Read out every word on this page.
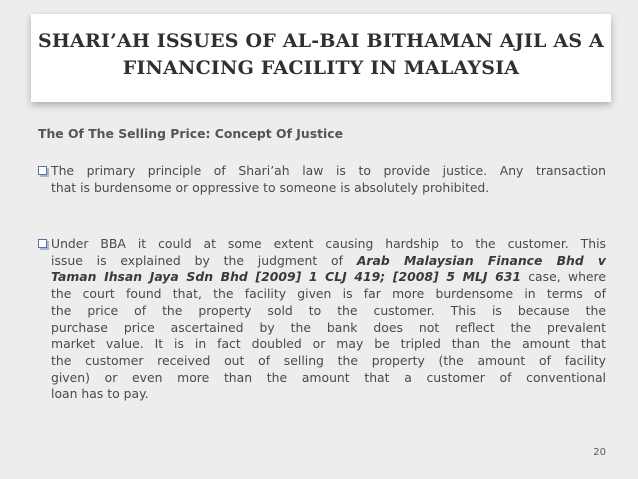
SHARI’AH ISSUES OF AL-BAI BITHAMAN AJIL AS A
FINANCING FACILITY IN MALAYSIA
The Of The Selling Price: Concept Of Justice
The primary principle of Shari’ah law is to provide justice. Any transaction
that is burdensome or oppressive to someone is absolutely prohibited.
Under BBA it could at some extent causing hardship to the customer. This
issue is explained by the judgment of Arab Malaysian Finance Bhd v
Taman Ihsan Jaya Sdn Bhd [2009] 1 CLJ 419; [2008] 5 MLJ 631 case, where
the court found that, the facility given is far more burdensome in terms of
the price of the property sold to the customer. This is because the
purchase price ascertained by the bank does not reflect the prevalent
market value. It is in fact doubled or may be tripled than the amount that
the customer received out of selling the property (the amount of facility
given) or even more than the amount that a customer of conventional
loan has to pay.
20
